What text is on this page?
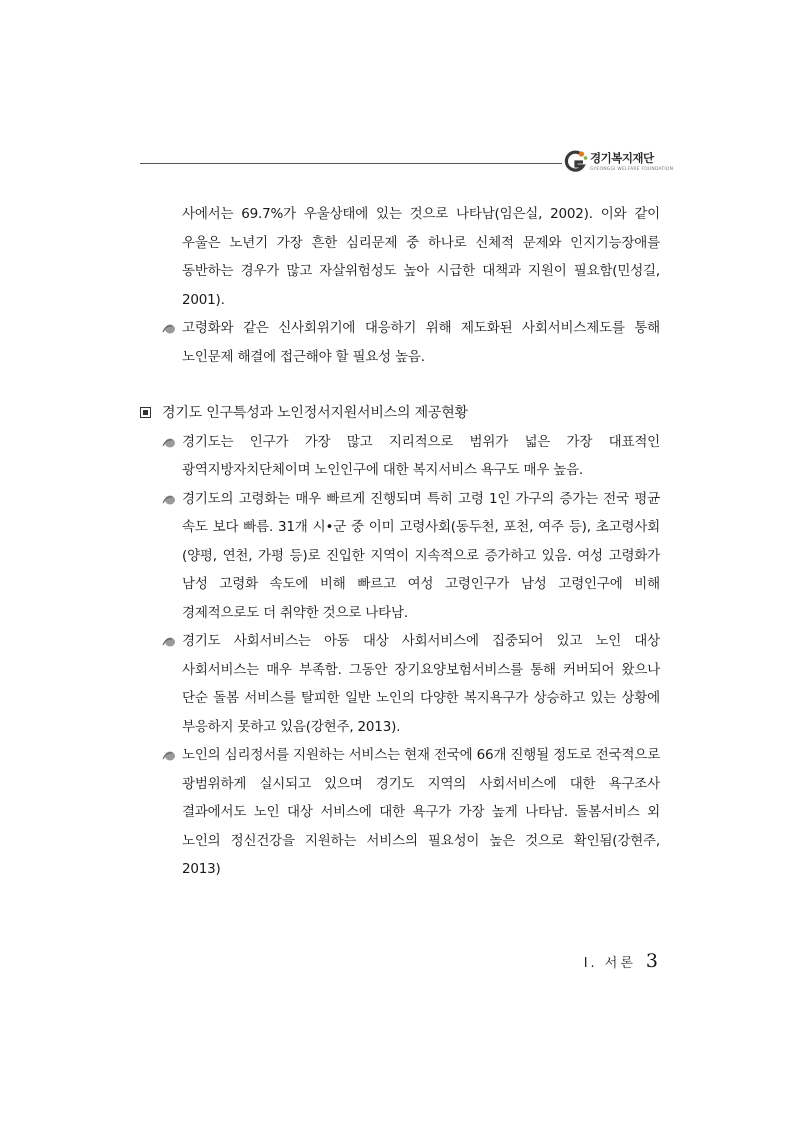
경기복지재단
GYEONGGI WELFARE FOUNDATION
사에서는 69.7%가 우울상태에 있는 것으로 나타남(임은실, 2002). 이와 같이 우울은 노년기 가장 흔한 심리문제 중 하나로 신체적 문제와 인지기능장애를 동반하는 경우가 많고 자살위험성도 높아 시급한 대책과 지원이 필요함(민성길, 2001).
고령화와 같은 신사회위기에 대응하기 위해 제도화된 사회서비스제도를 통해 노인문제 해결에 접근해야 할 필요성 높음.
경기도 인구특성과 노인정서지원서비스의 제공현황
경기도는 인구가 가장 많고 지리적으로 범위가 넓은 가장 대표적인 광역지방자치단체이며 노인인구에 대한 복지서비스 욕구도 매우 높음.
경기도의 고령화는 매우 빠르게 진행되며 특히 고령 1인 가구의 증가는 전국 평균 속도 보다 빠름. 31개 시•군 중 이미 고령사회(동두천, 포천, 여주 등), 초고령사회(양평, 연천, 가평 등)로 진입한 지역이 지속적으로 증가하고 있음. 여성 고령화가 남성 고령화 속도에 비해 빠르고 여성 고령인구가 남성 고령인구에 비해 경제적으로도 더 취약한 것으로 나타남.
경기도 사회서비스는 아동 대상 사회서비스에 집중되어 있고 노인 대상 사회서비스는 매우 부족함. 그동안 장기요양보험서비스를 통해 커버되어 왔으나 단순 돌봄 서비스를 탈피한 일반 노인의 다양한 복지욕구가 상승하고 있는 상황에 부응하지 못하고 있음(강현주, 2013).
노인의 심리정서를 지원하는 서비스는 현재 전국에 66개 진행될 정도로 전국적으로 광범위하게 실시되고 있으며 경기도 지역의 사회서비스에 대한 욕구조사 결과에서도 노인 대상 서비스에 대한 욕구가 가장 높게 나타남. 돌봄서비스 외 노인의 정신건강을 지원하는 서비스의 필요성이 높은 것으로 확인됨(강현주, 2013)
Ⅰ. 서론 3
